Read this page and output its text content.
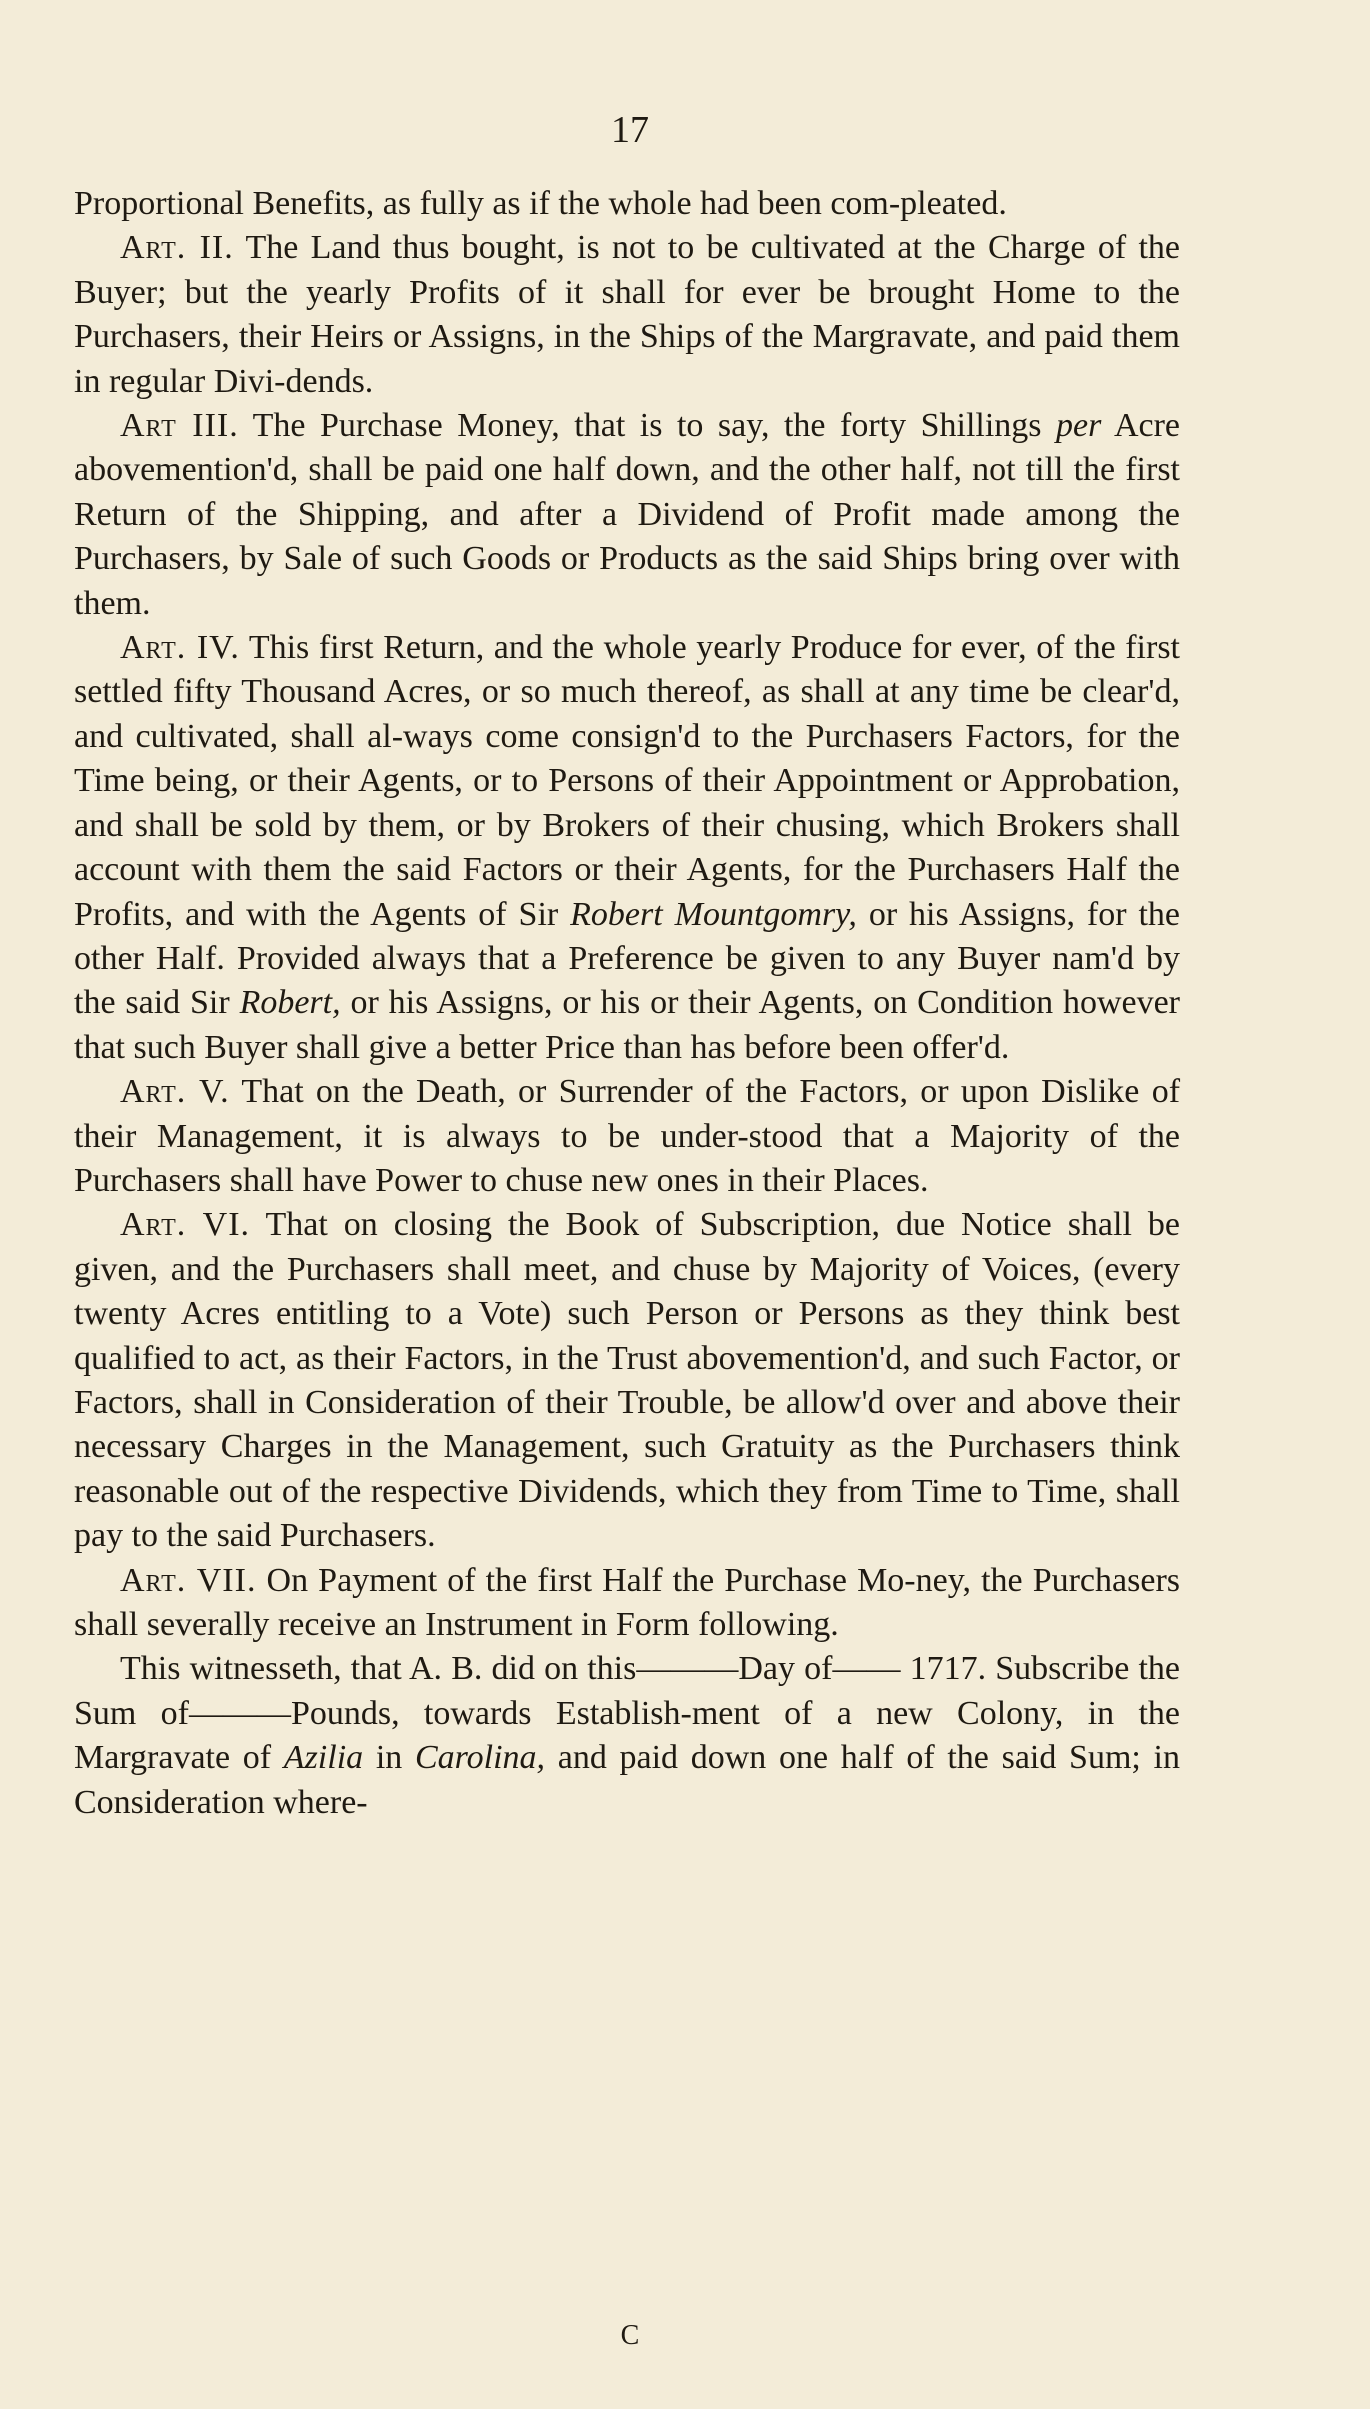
17

Proportional Benefits, as fully as if the whole had been com-pleated.

Art. II. The Land thus bought, is not to be cultivated at the Charge of the Buyer; but the yearly Profits of it shall for ever be brought Home to the Purchasers, their Heirs or Assigns, in the Ships of the Margravate, and paid them in regular Divi-dends.

Art III. The Purchase Money, that is to say, the forty Shillings per Acre abovemention'd, shall be paid one half down, and the other half, not till the first Return of the Shipping, and after a Dividend of Profit made among the Purchasers, by Sale of such Goods or Products as the said Ships bring over with them.

Art. IV. This first Return, and the whole yearly Produce for ever, of the first settled fifty Thousand Acres, or so much thereof, as shall at any time be clear'd, and cultivated, shall al-ways come consign'd to the Purchasers Factors, for the Time being, or their Agents, or to Persons of their Appointment or Approbation, and shall be sold by them, or by Brokers of their chusing, which Brokers shall account with them the said Factors or their Agents, for the Purchasers Half the Profits, and with the Agents of Sir Robert Mountgomry, or his Assigns, for the other Half. Provided always that a Preference be given to any Buyer nam'd by the said Sir Robert, or his Assigns, or his or their Agents, on Condition however that such Buyer shall give a better Price than has before been offer'd.

Art. V. That on the Death, or Surrender of the Factors, or upon Dislike of their Management, it is always to be under-stood that a Majority of the Purchasers shall have Power to chuse new ones in their Places.

Art. VI. That on closing the Book of Subscription, due Notice shall be given, and the Purchasers shall meet, and chuse by Majority of Voices, (every twenty Acres entitling to a Vote) such Person or Persons as they think best qualified to act, as their Factors, in the Trust abovemention'd, and such Factor, or Factors, shall in Consideration of their Trouble, be allow'd over and above their necessary Charges in the Management, such Gratuity as the Purchasers think reasonable out of the respective Dividends, which they from Time to Time, shall pay to the said Purchasers.

Art. VII. On Payment of the first Half the Purchase Mo-ney, the Purchasers shall severally receive an Instrument in Form following.

This witnesseth, that A. B. did on this———Day of—— 1717. Subscribe the Sum of———Pounds, towards Establish-ment of a new Colony, in the Margravate of Azilia in Carolina, and paid down one half of the said Sum; in Consideration where-

C
